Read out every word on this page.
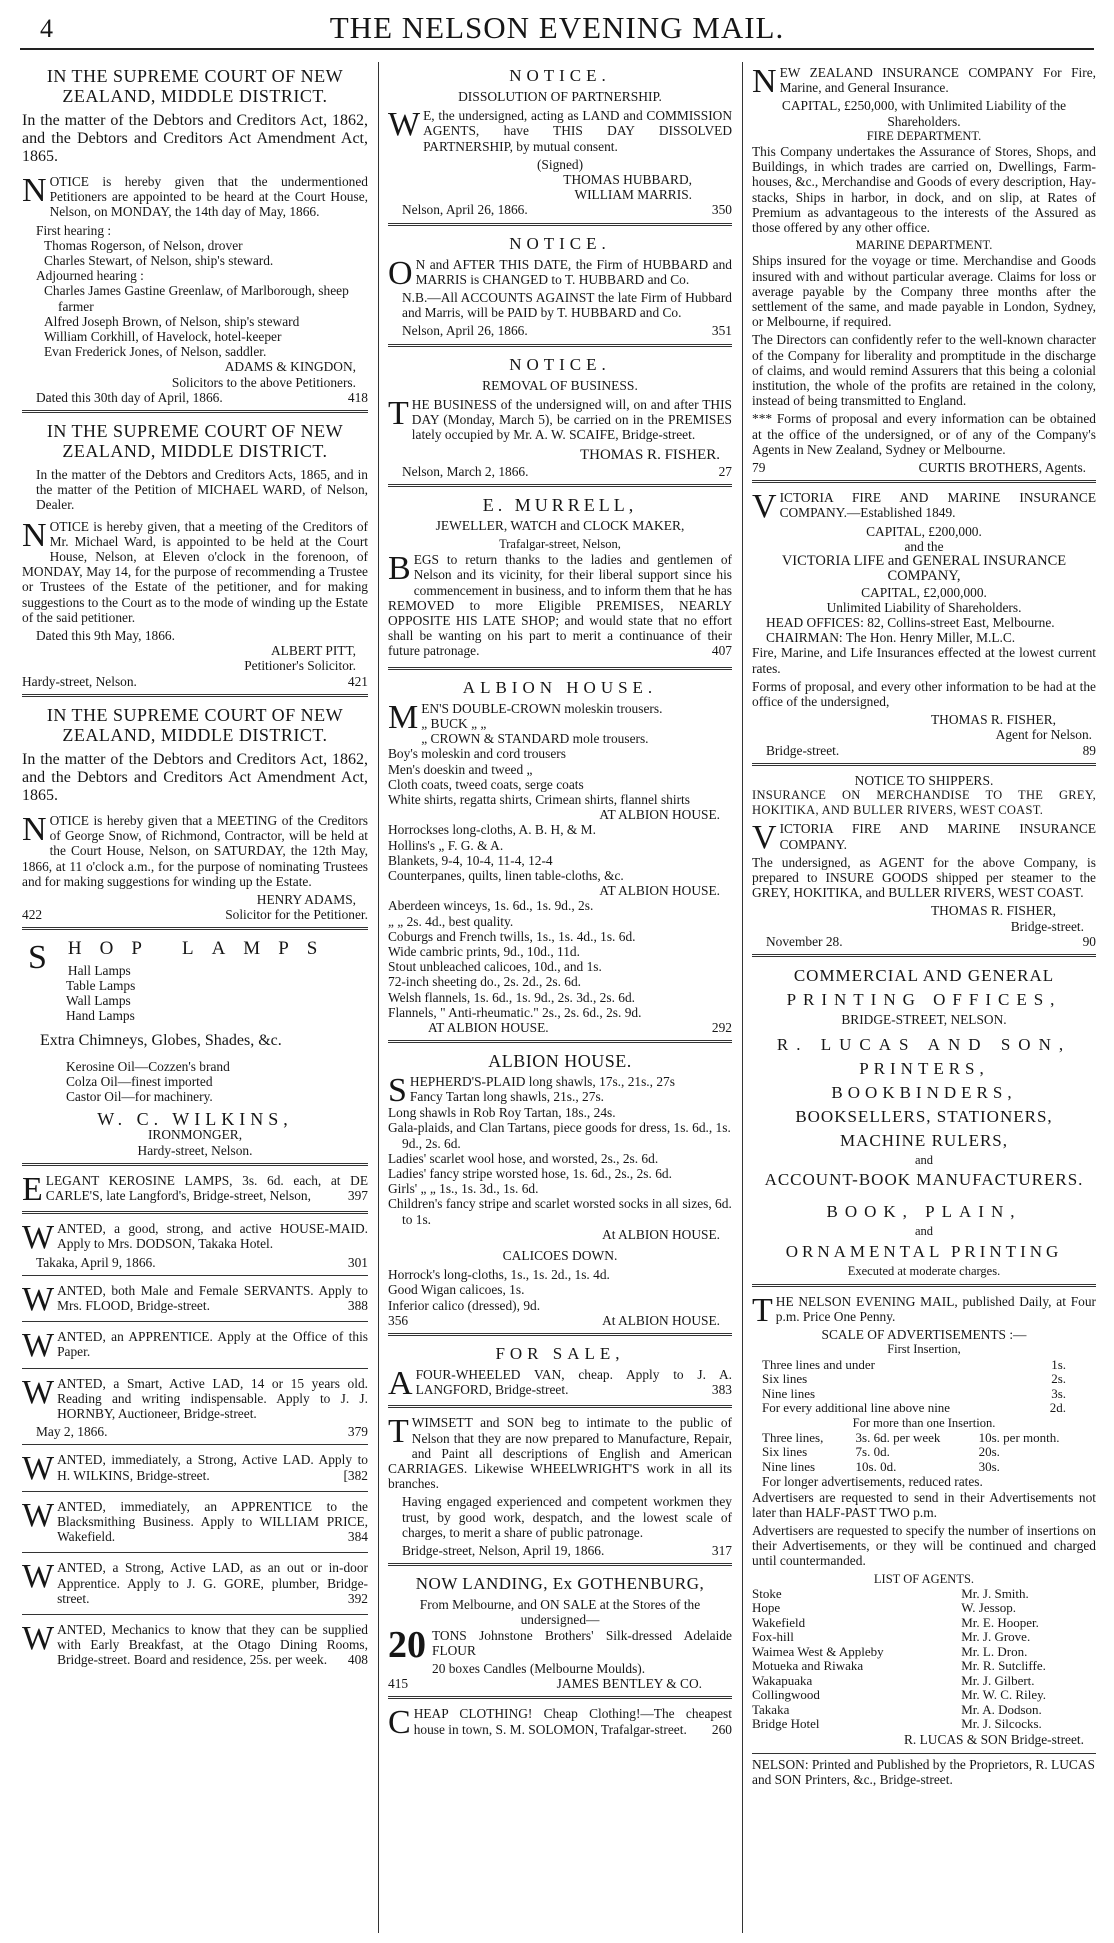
4	THE NELSON EVENING MAIL.
IN THE SUPREME COURT OF NEW ZEALAND, MIDDLE DISTRICT.
In the matter of the Debtors and Creditors Act, 1862, and the Debtors and Creditors Act Amendment Act, 1865.

NOTICE is hereby given that the undermentioned Petitioners are appointed to be heard at the Court House, Nelson, on MONDAY, the 14th day of May, 1866.

First hearing :
Thomas Rogerson, of Nelson, drover
Charles Stewart, of Nelson, ship's steward.
Adjourned hearing :
Charles James Gastine Greenlaw, of Marlborough, sheep farmer
Alfred Joseph Brown, of Nelson, ship's steward
William Corkhill, of Havelock, hotel-keeper
Evan Frederick Jones, of Nelson, saddler.
ADAMS & KINGDON,
Solicitors to the above Petitioners.
Dated this 30th day of April, 1866.	418
IN THE SUPREME COURT OF NEW ZEALAND, MIDDLE DISTRICT.

In the matter of the Debtors and Creditors Acts, 1865, and in the matter of the Petition of MICHAEL WARD, of Nelson, Dealer.

NOTICE is hereby given, that a meeting of the Creditors of Mr. Michael Ward, is appointed to be held at the Court House, Nelson, at Eleven o'clock in the forenoon, of MONDAY, May 14, for the purpose of recommending a Trustee or Trustees of the Estate of the petitioner, and for making suggestions to the Court as to the mode of winding up the Estate of the said petitioner.

Dated this 9th May, 1866.
ALBERT PITT,
Petitioner's Solicitor.
Hardy-street, Nelson.	421
IN THE SUPREME COURT OF NEW ZEALAND, MIDDLE DISTRICT.
In the matter of the Debtors and Creditors Act, 1862, and the Debtors and Creditors Act Amendment Act, 1865.

NOTICE is hereby given that a MEETING of the Creditors of George Snow, of Richmond, Contractor, will be held at the Court House, Nelson, on SATURDAY, the 12th May, 1866, at 11 o'clock a.m., for the purpose of nominating Trustees and for making suggestions for winding up the Estate.

HENRY ADAMS,
422	Solicitor for the Petitioner.
SHOP LAMPS
Hall Lamps
Table Lamps
Wall Lamps
Hand Lamps
Extra Chimneys, Globes, Shades, &c.
Kerosine Oil—Cozzen's brand
Colza Oil—finest imported
Castor Oil—for machinery.
W. C. WILKINS,
IRONMONGER,
Hardy-street, Nelson.

ELEGANT KEROSINE LAMPS, 3s. 6d. each, at DE CARLE'S, late Langford's, Bridge-street, Nelson,	397

WANTED, a good, strong, and active HOUSE-MAID. Apply to Mrs. DODSON, Takaka Hotel.

Takaka, April 9, 1866.	301

WANTED, both Male and Female SERVANTS. Apply to Mrs. FLOOD, Bridge-street.	388

WANTED, an APPRENTICE. Apply at the Office of this Paper.

WANTED, a Smart, Active LAD, 14 or 15 years old. Reading and writing indispensable. Apply to J. J. HORNBY, Auctioneer, Bridge-street.

May 2, 1866.	379

WANTED, immediately, a Strong, Active LAD. Apply to H. WILKINS, Bridge-street.	[382

WANTED, immediately, an APPRENTICE to the Blacksmithing Business. Apply to WILLIAM PRICE, Wakefield.	384

WANTED, a Strong, Active LAD, as an out or in-door Apprentice. Apply to J. G. GORE, plumber, Bridge-street.	392

WANTED, Mechanics to know that they can be supplied with Early Breakfast, at the Otago Dining Rooms, Bridge-street. Board and residence, 25s. per week. 408

NOTICE.
DISSOLUTION OF PARTNERSHIP.

W E, the undersigned, acting as LAND and COMMISSION AGENTS, have THIS DAY DISSOLVED PARTNERSHIP, by mutual consent.

(Signed)
THOMAS HUBBARD,
WILLIAM MARRIS.
Nelson, April 26, 1866.	350
NOTICE.

O N and AFTER THIS DATE, the Firm of HUBBARD and MARRIS is CHANGED to T. HUBBARD and Co.

N.B.—All ACCOUNTS AGAINST the late Firm of Hubbard and Marris, will be PAID by T. HUBBARD and Co.

Nelson, April 26, 1866.	351
NOTICE.
REMOVAL OF BUSINESS.

THE BUSINESS of the undersigned will, on and after THIS DAY (Monday, March 5), be carried on in the PREMISES lately occupied by Mr. A. W. SCAIFE, Bridge-street.

THOMAS R. FISHER.
Nelson, March 2, 1866.	27
E. MURRELL,
JEWELLER, WATCH and CLOCK MAKER,
Trafalgar-street, Nelson,

BEGS to return thanks to the ladies and gentlemen of Nelson and its vicinity, for their liberal support since his commencement in business, and to inform them that he has REMOVED to more Eligible PREMISES, NEARLY OPPOSITE HIS LATE SHOP; and would state that no effort shall be wanting on his part to merit a continuance of their future patronage.	407

ALBION HOUSE.
MEN'S DOUBLE-CROWN moleskin trousers.
„ BUCK „ „
„ CROWN & STANDARD mole trousers.
Boy's moleskin and cord trousers
Men's doeskin and tweed „
Cloth coats, tweed coats, serge coats
White shirts, regatta shirts, Crimean shirts, flannel shirts
AT ALBION HOUSE.
Horrockses long-cloths, A. B. H, & M.
Hollins's „ F. G. & A.
Blankets, 9-4, 10-4, 11-4, 12-4
Counterpanes, quilts, linen table-cloths, &c.
AT ALBION HOUSE.
Aberdeen winceys, 1s. 6d., 1s. 9d., 2s.
„ „ 2s. 4d., best quality.
Coburgs and French twills, 1s., 1s. 4d., 1s. 6d.
Wide cambric prints, 9d., 10d., 11d.
Stout unbleached calicoes, 10d., and 1s.
72-inch sheeting do., 2s. 2d., 2s. 6d.
Welsh flannels, 1s. 6d., 1s. 9d., 2s. 3d., 2s. 6d.
Flannels, " Anti-rheumatic." 2s., 2s. 6d., 2s. 9d.
AT ALBION HOUSE.	292
ALBION HOUSE.
SHEPHERD'S-PLAID long shawls, 17s., 21s., 27s
Fancy Tartan long shawls, 21s., 27s.
Long shawls in Rob Roy Tartan, 18s., 24s.
Gala-plaids, and Clan Tartans, piece goods for dress, 1s. 6d., 1s. 9d., 2s. 6d.
Ladies' scarlet wool hose, and worsted, 2s., 2s. 6d.
Ladies' fancy stripe worsted hose, 1s. 6d., 2s., 2s. 6d.
Girls' „ „ 1s., 1s. 3d., 1s. 6d.
Children's fancy stripe and scarlet worsted socks in all sizes, 6d. to 1s.
At ALBION HOUSE.
CALICOES DOWN.
Horrock's long-cloths, 1s., 1s. 2d., 1s. 4d.
Good Wigan calicoes, 1s.
Inferior calico (dressed), 9d.
356	At ALBION HOUSE.
FOR SALE,

AFOUR-WHEELED VAN, cheap. Apply to J. A. LANGFORD, Bridge-street.	383

TWIMSETT and SON beg to intimate to the public of Nelson that they are now prepared to Manufacture, Repair, and Paint all descriptions of English and American CARRIAGES. Likewise WHEELWRIGHT'S work in all its branches.

Having engaged experienced and competent workmen they trust, by good work, despatch, and the lowest scale of charges, to merit a share of public patronage.

Bridge-street, Nelson, April 19, 1866.	317
NOW LANDING, Ex GOTHENBURG,
From Melbourne, and ON SALE at the Stores of the undersigned—

20 TONS Johnstone Brothers' Silk-dressed Adelaide FLOUR

20 boxes Candles (Melbourne Moulds).
415	JAMES BENTLEY & CO.

CHEAP CLOTHING! Cheap Clothing!—The cheapest house in town, S. M. SOLOMON, Trafalgar-street. 260

NEW ZEALAND INSURANCE COMPANY For Fire, Marine, and General Insurance.

CAPITAL, £250,000, with Unlimited Liability of the Shareholders.
FIRE DEPARTMENT.

This Company undertakes the Assurance of Stores, Shops, and Buildings, in which trades are carried on, Dwellings, Farm-houses, &c., Merchandise and Goods of every description, Hay-stacks, Ships in harbor, in dock, and on slip, at Rates of Premium as advantageous to the interests of the Assured as those offered by any other office.

MARINE DEPARTMENT.

Ships insured for the voyage or time. Merchandise and Goods insured with and without particular average. Claims for loss or average payable by the Company three months after the settlement of the same, and made payable in London, Sydney, or Melbourne, if required.

The Directors can confidently refer to the well-known character of the Company for liberality and promptitude in the discharge of claims, and would remind Assurers that this being a colonial institution, the whole of the profits are retained in the colony, instead of being transmitted to England.

*** Forms of proposal and every information can be obtained at the office of the undersigned, or of any of the Company's Agents in New Zealand, Sydney or Melbourne.

79	CURTIS BROTHERS, Agents.

VICTORIA FIRE AND MARINE INSURANCE COMPANY.—Established 1849.

CAPITAL, £200,000.
and the
VICTORIA LIFE and GENERAL INSURANCE COMPANY,
CAPITAL, £2,000,000.
Unlimited Liability of Shareholders.
HEAD OFFICES: 82, Collins-street East, Melbourne.
CHAIRMAN: The Hon. Henry Miller, M.L.C.

Fire, Marine, and Life Insurances effected at the lowest current rates.

Forms of proposal, and every other information to be had at the office of the undersigned,

THOMAS R. FISHER,
Agent for Nelson.
Bridge-street.	89
NOTICE TO SHIPPERS.

INSURANCE ON MERCHANDISE TO THE GREY, HOKITIKA, AND BULLER RIVERS, WEST COAST.

VICTORIA FIRE AND MARINE INSURANCE COMPANY.

The undersigned, as AGENT for the above Company, is prepared to INSURE GOODS shipped per steamer to the GREY, HOKITIKA, and BULLER RIVERS, WEST COAST.

THOMAS R. FISHER,
Bridge-street.
November 28.	90
COMMERCIAL AND GENERAL
PRINTING OFFICES,
BRIDGE-STREET, NELSON.
R. LUCAS AND SON,
PRINTERS,
BOOKBINDERS,
BOOKSELLERS, STATIONERS,
MACHINE RULERS,
and
ACCOUNT-BOOK MANUFACTURERS.
BOOK, PLAIN,
and
ORNAMENTAL PRINTING
Executed at moderate charges.

THE NELSON EVENING MAIL, published Daily, at Four p.m. Price One Penny.

SCALE OF ADVERTISEMENTS :—
First Insertion,
Three lines and under	1s.
Six lines	2s.
Nine lines	3s.
For every additional line above nine	2d.
For more than one Insertion.
Three lines,	3s. 6d. per week	10s. per month.
Six lines	7s. 0d.	20s.
Nine lines	10s. 0d.	30s.
For longer advertisements, reduced rates.

Advertisers are requested to send in their Advertisements not later than HALF-PAST TWO p.m.

Advertisers are requested to specify the number of insertions on their Advertisements, or they will be continued and charged until countermanded.

LIST OF AGENTS.
Stoke	Mr. J. Smith.
Hope	W. Jessop.
Wakefield	Mr. E. Hooper.
Fox-hill	Mr. J. Grove.
Waimea West & Appleby	Mr. L. Dron.
Motueka and Riwaka	Mr. R. Sutcliffe.
Wakapuaka	Mr. J. Gilbert.
Collingwood	Mr. W. C. Riley.
Takaka	Mr. A. Dodson.
Bridge Hotel	Mr. J. Silcocks.
R. LUCAS & SON Bridge-street.
NELSON: Printed and Published by the Proprietors, R. LUCAS and SON Printers, &c., Bridge-street.
